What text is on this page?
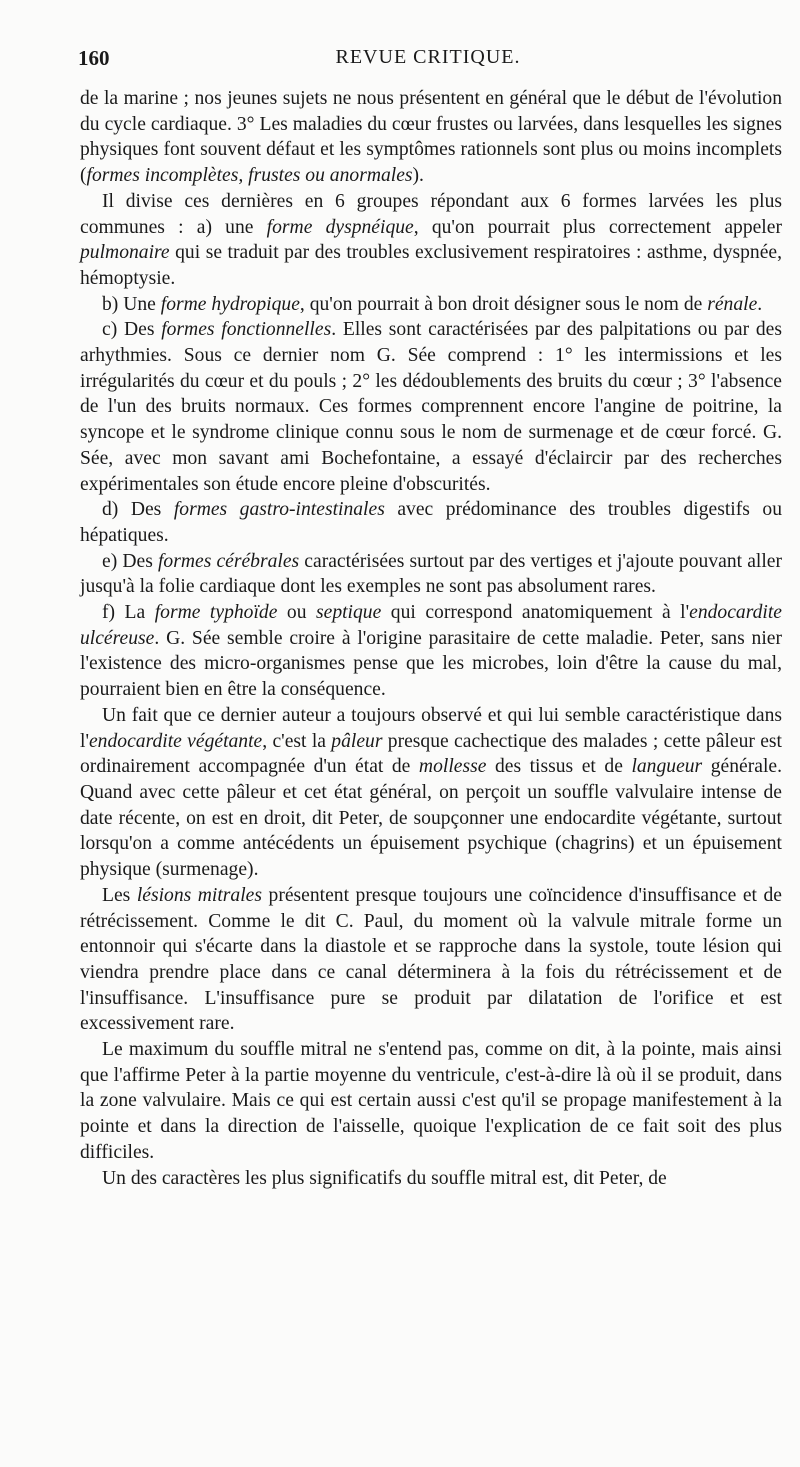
160	REVUE CRITIQUE.

de la marine ; nos jeunes sujets ne nous présentent en général que le début de l'évolution du cycle cardiaque. 3° Les maladies du cœur frustes ou larvées, dans lesquelles les signes physiques font souvent défaut et les symptômes rationnels sont plus ou moins incomplets (formes incomplètes, frustes ou anormales).

Il divise ces dernières en 6 groupes répondant aux 6 formes larvées les plus communes : a) une forme dyspnéique, qu'on pourrait plus correctement appeler pulmonaire qui se traduit par des troubles exclusivement respiratoires : asthme, dyspnée, hémoptysie.

b) Une forme hydropique, qu'on pourrait à bon droit désigner sous le nom de rénale.

c) Des formes fonctionnelles. Elles sont caractérisées par des palpitations ou par des arhythmies. Sous ce dernier nom G. Sée comprend : 1° les intermissions et les irrégularités du cœur et du pouls ; 2° les dédoublements des bruits du cœur ; 3° l'absence de l'un des bruits normaux. Ces formes comprennent encore l'angine de poitrine, la syncope et le syndrome clinique connu sous le nom de surmenage et de cœur forcé. G. Sée, avec mon savant ami Bochefontaine, a essayé d'éclaircir par des recherches expérimentales son étude encore pleine d'obscurités.

d) Des formes gastro-intestinales avec prédominance des troubles digestifs ou hépatiques.

e) Des formes cérébrales caractérisées surtout par des vertiges et j'ajoute pouvant aller jusqu'à la folie cardiaque dont les exemples ne sont pas absolument rares.

f) La forme typhoïde ou septique qui correspond anatomiquement à l'endocardite ulcéreuse. G. Sée semble croire à l'origine parasitaire de cette maladie. Peter, sans nier l'existence des micro-organismes pense que les microbes, loin d'être la cause du mal, pourraient bien en être la conséquence.

Un fait que ce dernier auteur a toujours observé et qui lui semble caractéristique dans l'endocardite végétante, c'est la pâleur presque cachectique des malades ; cette pâleur est ordinairement accompagnée d'un état de mollesse des tissus et de langueur générale. Quand avec cette pâleur et cet état général, on perçoit un souffle valvulaire intense de date récente, on est en droit, dit Peter, de soupçonner une endocardite végétante, surtout lorsqu'on a comme antécédents un épuisement psychique (chagrins) et un épuisement physique (surmenage).

Les lésions mitrales présentent presque toujours une coïncidence d'insuffisance et de rétrécissement. Comme le dit C. Paul, du moment où la valvule mitrale forme un entonnoir qui s'écarte dans la diastole et se rapproche dans la systole, toute lésion qui viendra prendre place dans ce canal déterminera à la fois du rétrécissement et de l'insuffisance. L'insuffisance pure se produit par dilatation de l'orifice et est excessivement rare.

Le maximum du souffle mitral ne s'entend pas, comme on dit, à la pointe, mais ainsi que l'affirme Peter à la partie moyenne du ventricule, c'est-à-dire là où il se produit, dans la zone valvulaire. Mais ce qui est certain aussi c'est qu'il se propage manifestement à la pointe et dans la direction de l'aisselle, quoique l'explication de ce fait soit des plus difficiles.

Un des caractères les plus significatifs du souffle mitral est, dit Peter, de
